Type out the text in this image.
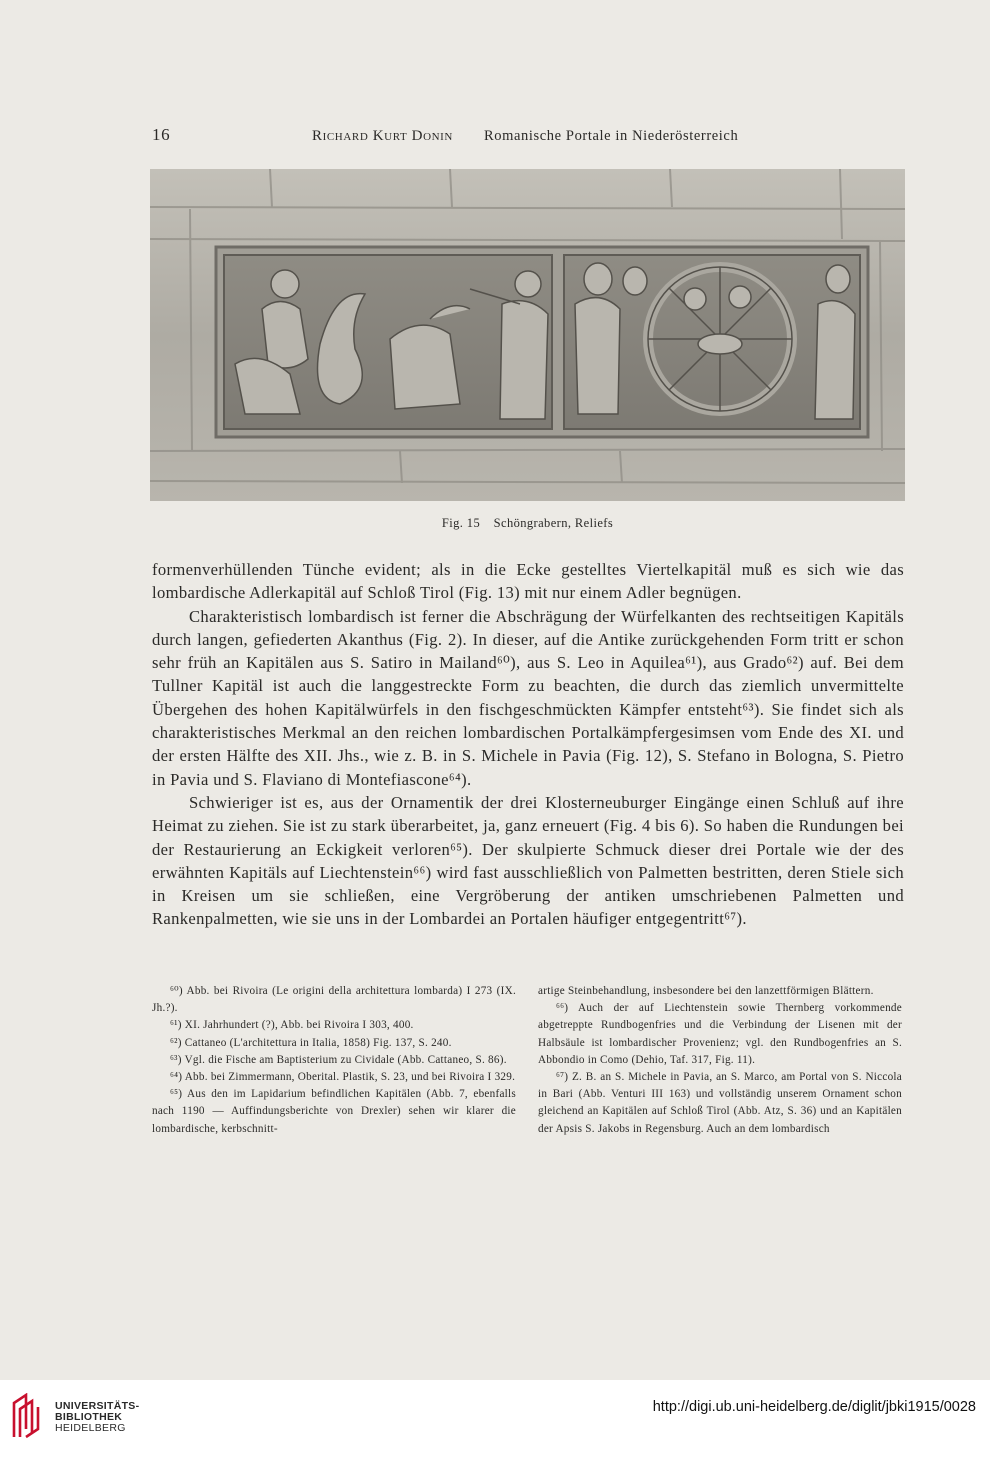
16	Richard Kurt Donin Romanische Portale in Niederösterreich
Fig. 15 Schöngrabern, Reliefs

formenverhüllenden Tünche evident; als in die Ecke gestelltes Viertelkapitäl muß es sich wie das lombardische Adlerkapitäl auf Schloß Tirol (Fig. 13) mit nur einem Adler begnügen.

Charakteristisch lombardisch ist ferner die Abschrägung der Würfelkanten des rechtseitigen Kapitäls durch langen, gefiederten Akanthus (Fig. 2). In dieser, auf die Antike zurückgehenden Form tritt er schon sehr früh an Kapitälen aus S. Satiro in Mailand⁶⁰), aus S. Leo in Aquilea⁶¹), aus Grado⁶²) auf. Bei dem Tullner Kapitäl ist auch die langgestreckte Form zu beachten, die durch das ziemlich unvermittelte Übergehen des hohen Kapitälwürfels in den fischgeschmückten Kämpfer entsteht⁶³). Sie findet sich als charakteristisches Merkmal an den reichen lombardischen Portalkämpfergesimsen vom Ende des XI. und der ersten Hälfte des XII. Jhs., wie z. B. in S. Michele in Pavia (Fig. 12), S. Stefano in Bologna, S. Pietro in Pavia und S. Flaviano di Montefiascone⁶⁴).

Schwieriger ist es, aus der Ornamentik der drei Klosterneuburger Eingänge einen Schluß auf ihre Heimat zu ziehen. Sie ist zu stark überarbeitet, ja, ganz erneuert (Fig. 4 bis 6). So haben die Rundungen bei der Restaurierung an Eckigkeit verloren⁶⁵). Der skulpierte Schmuck dieser drei Portale wie der des erwähnten Kapitäls auf Liechtenstein⁶⁶) wird fast ausschließlich von Palmetten bestritten, deren Stiele sich in Kreisen um sie schließen, eine Vergröberung der antiken umschriebenen Palmetten und Rankenpalmetten, wie sie uns in der Lombardei an Portalen häufiger entgegentritt⁶⁷).

⁶⁰) Abb. bei Rivoira (Le origini della architettura lombarda) I 273 (IX. Jh.?).

⁶¹) XI. Jahrhundert (?), Abb. bei Rivoira I 303, 400.

⁶²) Cattaneo (L'architettura in Italia, 1858) Fig. 137, S. 240.

⁶³) Vgl. die Fische am Baptisterium zu Cividale (Abb. Cattaneo, S. 86).

⁶⁴) Abb. bei Zimmermann, Oberital. Plastik, S. 23, und bei Rivoira I 329.

⁶⁵) Aus den im Lapidarium befindlichen Kapitälen (Abb. 7, ebenfalls nach 1190 — Auffindungsberichte von Drexler) sehen wir klarer die lombardische, kerbschnitt-

artige Steinbehandlung, insbesondere bei den lanzettförmigen Blättern.

⁶⁶) Auch der auf Liechtenstein sowie Thernberg vorkommende abgetreppte Rundbogenfries und die Verbindung der Lisenen mit der Halbsäule ist lombardischer Provenienz; vgl. den Rundbogenfries an S. Abbondio in Como (Dehio, Taf. 317, Fig. 11).

⁶⁷) Z. B. an S. Michele in Pavia, an S. Marco, am Portal von S. Niccola in Bari (Abb. Venturi III 163) und vollständig unserem Ornament schon gleichend an Kapitälen auf Schloß Tirol (Abb. Atz, S. 36) und an Kapitälen der Apsis S. Jakobs in Regensburg. Auch an dem lombardisch

UNIVERSITÄTS-
BIBLIOTHEK
HEIDELBERG
http://digi.ub.uni-heidelberg.de/diglit/jbki1915/0028
